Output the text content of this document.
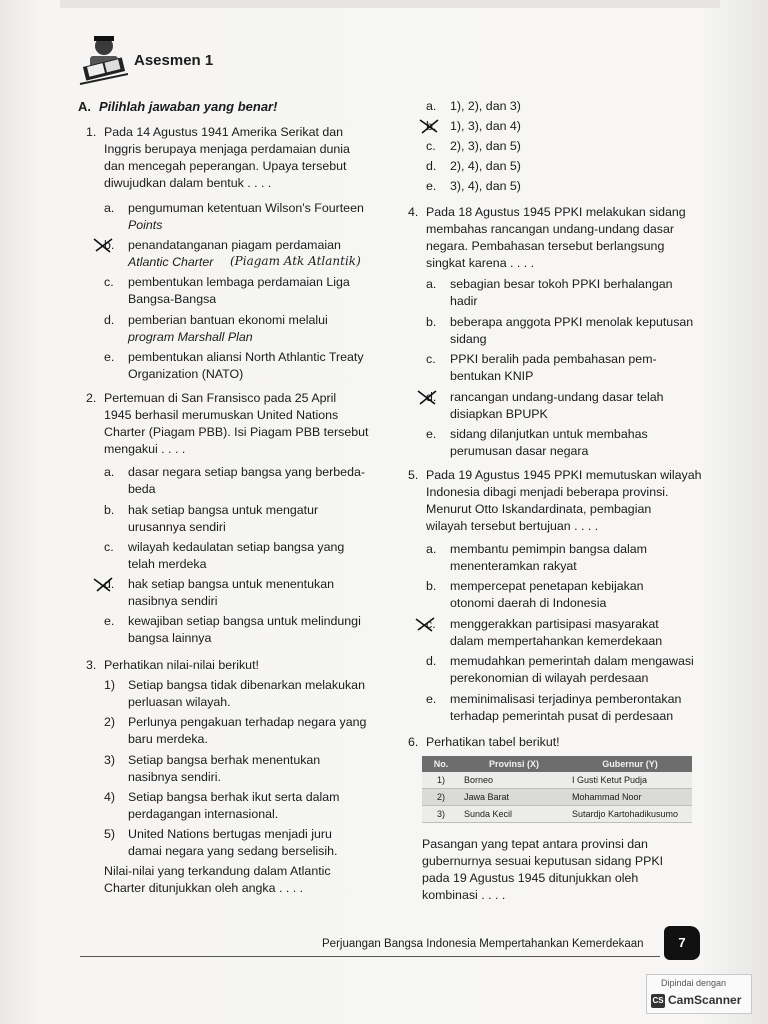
Asesmen 1
A. Pilihlah jawaban yang benar!
1. Pada 14 Agustus 1941 Amerika Serikat dan
Inggris berupaya menjaga perdamaian dunia
dan mencegah peperangan. Upaya tersebut
diwujudkan dalam bentuk . . . .
a.	pengumuman ketentuan Wilson's Fourteen
Points
b.	penandatanganan piagam perdamaian
Atlantic Charter	(Piagam Atk Atlantik)
c.	pembentukan lembaga perdamaian Liga
Bangsa-Bangsa
d.	pemberian bantuan ekonomi melalui
program Marshall Plan
e.	pembentukan aliansi North Athlantic Treaty
Organization (NATO)
2. Pertemuan di San Fransisco pada 25 April
1945 berhasil merumuskan United Nations
Charter (Piagam PBB). Isi Piagam PBB tersebut
mengakui . . . .
a.	dasar negara setiap bangsa yang berbeda-
beda
b.	hak setiap bangsa untuk mengatur
urusannya sendiri
c.	wilayah kedaulatan setiap bangsa yang
telah merdeka
d.	hak setiap bangsa untuk menentukan
nasibnya sendiri
e.	kewajiban setiap bangsa untuk melindungi
bangsa lainnya
3. Perhatikan nilai-nilai berikut!
1)	Setiap bangsa tidak dibenarkan melakukan
perluasan wilayah.
2)	Perlunya pengakuan terhadap negara yang
baru merdeka.
3)	Setiap bangsa berhak menentukan
nasibnya sendiri.
4)	Setiap bangsa berhak ikut serta dalam
perdagangan internasional.
5)	United Nations bertugas menjadi juru
damai negara yang sedang berselisih.
Nilai-nilai yang terkandung dalam Atlantic
Charter ditunjukkan oleh angka . . . .
a.	1), 2), dan 3)
b.	1), 3), dan 4)
c.	2), 3), dan 5)
d.	2), 4), dan 5)
e.	3), 4), dan 5)
4. Pada 18 Agustus 1945 PPKI melakukan sidang
membahas rancangan undang-undang dasar
negara. Pembahasan tersebut berlangsung
singkat karena . . . .
a.	sebagian besar tokoh PPKI berhalangan
hadir
b.	beberapa anggota PPKI menolak keputusan
sidang
c.	PPKI beralih pada pembahasan pem-
bentukan KNIP
d.	rancangan undang-undang dasar telah
disiapkan BPUPK
e.	sidang dilanjutkan untuk membahas
perumusan dasar negara
5. Pada 19 Agustus 1945 PPKI memutuskan wilayah
Indonesia dibagi menjadi beberapa provinsi.
Menurut Otto Iskandardinata, pembagian
wilayah tersebut bertujuan . . . .
a.	membantu pemimpin bangsa dalam
menenteramkan rakyat
b.	mempercepat penetapan kebijakan
otonomi daerah di Indonesia
c.	menggerakkan partisipasi masyarakat
dalam mempertahankan kemerdekaan
d.	memudahkan pemerintah dalam mengawasi
perekonomian di wilayah perdesaan
e.	meminimalisasi terjadinya pemberontakan
terhadap pemerintah pusat di perdesaan
6. Perhatikan tabel berikut!
No.	Provinsi (X)	Gubernur (Y)
1)	Borneo	I Gusti Ketut Pudja
2)	Jawa Barat	Mohammad Noor
3)	Sunda Kecil	Sutardjo Kartohadikusumo
Pasangan yang tepat antara provinsi dan
gubernurnya sesuai keputusan sidang PPKI
pada 19 Agustus 1945 ditunjukkan oleh
kombinasi . . . .
Perjuangan Bangsa Indonesia Mempertahankan Kemerdekaan	7
Dipindai dengan
CS CamScanner
